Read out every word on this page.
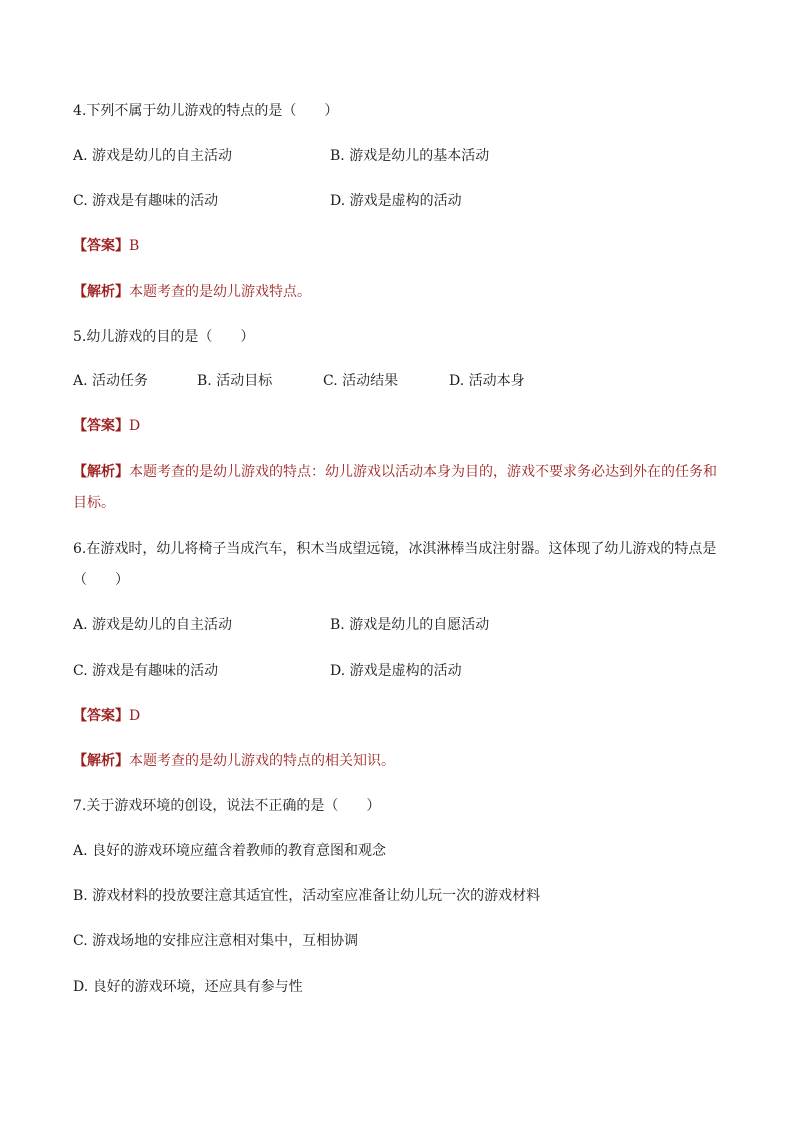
4.下列不属于幼儿游戏的特点的是（　　）
A. 游戏是幼儿的自主活动	B. 游戏是幼儿的基本活动
C. 游戏是有趣味的活动	D. 游戏是虚构的活动
【答案】B
【解析】本题考查的是幼儿游戏特点。
5.幼儿游戏的目的是（　　）
A. 活动任务	B. 活动目标	C. 活动结果	D. 活动本身
【答案】D
【解析】本题考查的是幼儿游戏的特点：幼儿游戏以活动本身为目的，游戏不要求务必达到外在的任务和目标。
6.在游戏时，幼儿将椅子当成汽车，积木当成望远镜，冰淇淋棒当成注射器。这体现了幼儿游戏的特点是（　　）
A. 游戏是幼儿的自主活动	B. 游戏是幼儿的自愿活动
C. 游戏是有趣味的活动	D. 游戏是虚构的活动
【答案】D
【解析】本题考查的是幼儿游戏的特点的相关知识。
7.关于游戏环境的创设，说法不正确的是（　　）
A. 良好的游戏环境应蕴含着教师的教育意图和观念
B. 游戏材料的投放要注意其适宜性，活动室应准备让幼儿玩一次的游戏材料
C. 游戏场地的安排应注意相对集中，互相协调
D. 良好的游戏环境，还应具有参与性
